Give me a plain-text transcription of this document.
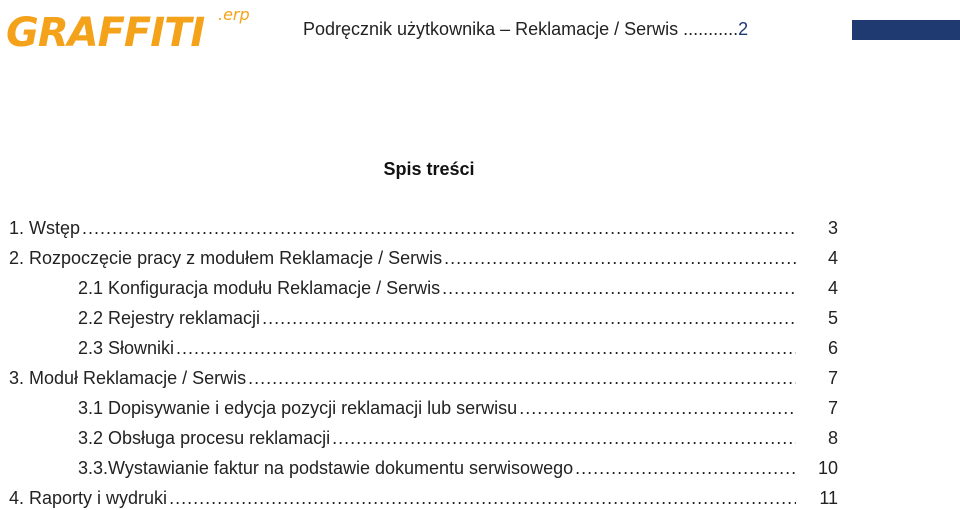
GRAFFITI .erp
Podręcznik użytkownika – Reklamacje / Serwis ...........2
Spis treści
1. Wstęp
.....
2. Rozpoczęcie pracy z modułem Reklamacje / Serwis
.....
2.1 Konfiguracja modułu Reklamacje / Serwis
.....
2.2 Rejestry reklamacji
.....
2.3 Słowniki
.....
3. Moduł Reklamacje / Serwis
.....
3.1 Dopisywanie i edycja pozycji reklamacji lub serwisu
.....
3.2 Obsługa procesu reklamacji
.....
3.3.Wystawianie faktur na podstawie dokumentu serwisowego
.....
4. Raporty i wydruki
.....
3
4
4
5
6
7
7
8
10
11
